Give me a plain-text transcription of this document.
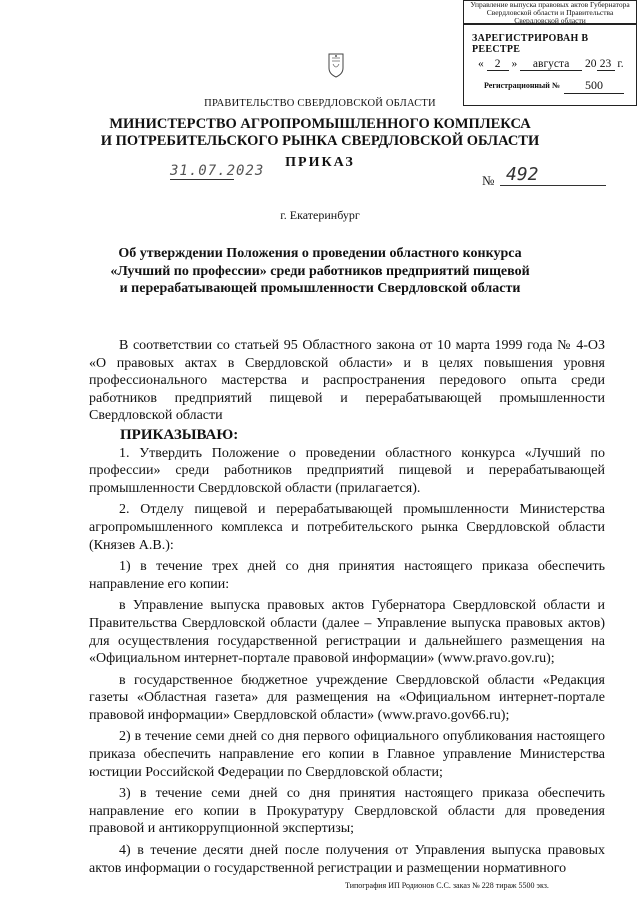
Управление выпуска правовых актов Губернатора Свердловской области и Правительства Свердловской области
ЗАРЕГИСТРИРОВАН В РЕЕСТРЕ
« 2 » августа 20 23 г.
Регистрационный №	500
ПРАВИТЕЛЬСТВО СВЕРДЛОВСКОЙ ОБЛАСТИ
МИНИСТЕРСТВО АГРОПРОМЫШЛЕННОГО КОМПЛЕКСА
И ПОТРЕБИТЕЛЬСКОГО РЫНКА СВЕРДЛОВСКОЙ ОБЛАСТИ
ПРИКАЗ
31.07.2023
№ 492
г. Екатеринбург
Об утверждении Положения о проведении областного конкурса
«Лучший по профессии» среди работников предприятий пищевой
и перерабатывающей промышленности Свердловской области

В соответствии со статьей 95 Областного закона от 10 марта 1999 года № 4-ОЗ «О правовых актах в Свердловской области» и в целях повышения уровня профессионального мастерства и распространения передового опыта среди работников предприятий пищевой и перерабатывающей промышленности Свердловской области

ПРИКАЗЫВАЮ:

1. Утвердить Положение о проведении областного конкурса «Лучший по профессии» среди работников предприятий пищевой и перерабатывающей промышленности Свердловской области (прилагается).

2. Отделу пищевой и перерабатывающей промышленности Министерства агропромышленного комплекса и потребительского рынка Свердловской области (Князев А.В.):

1) в течение трех дней со дня принятия настоящего приказа обеспечить направление его копии:

в Управление выпуска правовых актов Губернатора Свердловской области и Правительства Свердловской области (далее – Управление выпуска правовых актов) для осуществления государственной регистрации и дальнейшего размещения на «Официальном интернет-портале правовой информации» (www.pravo.gov.ru);

в государственное бюджетное учреждение Свердловской области «Редакция газеты «Областная газета» для размещения на «Официальном интернет-портале правовой информации» Свердловской области» (www.pravo.gov66.ru);

2) в течение семи дней со дня первого официального опубликования настоящего приказа обеспечить направление его копии в Главное управление Министерства юстиции Российской Федерации по Свердловской области;

3) в течение семи дней со дня принятия настоящего приказа обеспечить направление его копии в Прокуратуру Свердловской области для проведения правовой и антикоррупционной экспертизы;

4) в течение десяти дней после получения от Управления выпуска правовых актов информации о государственной регистрации и размещении нормативного

Типография ИП Родионов С.С. заказ № 228 тираж 5500 экз.
